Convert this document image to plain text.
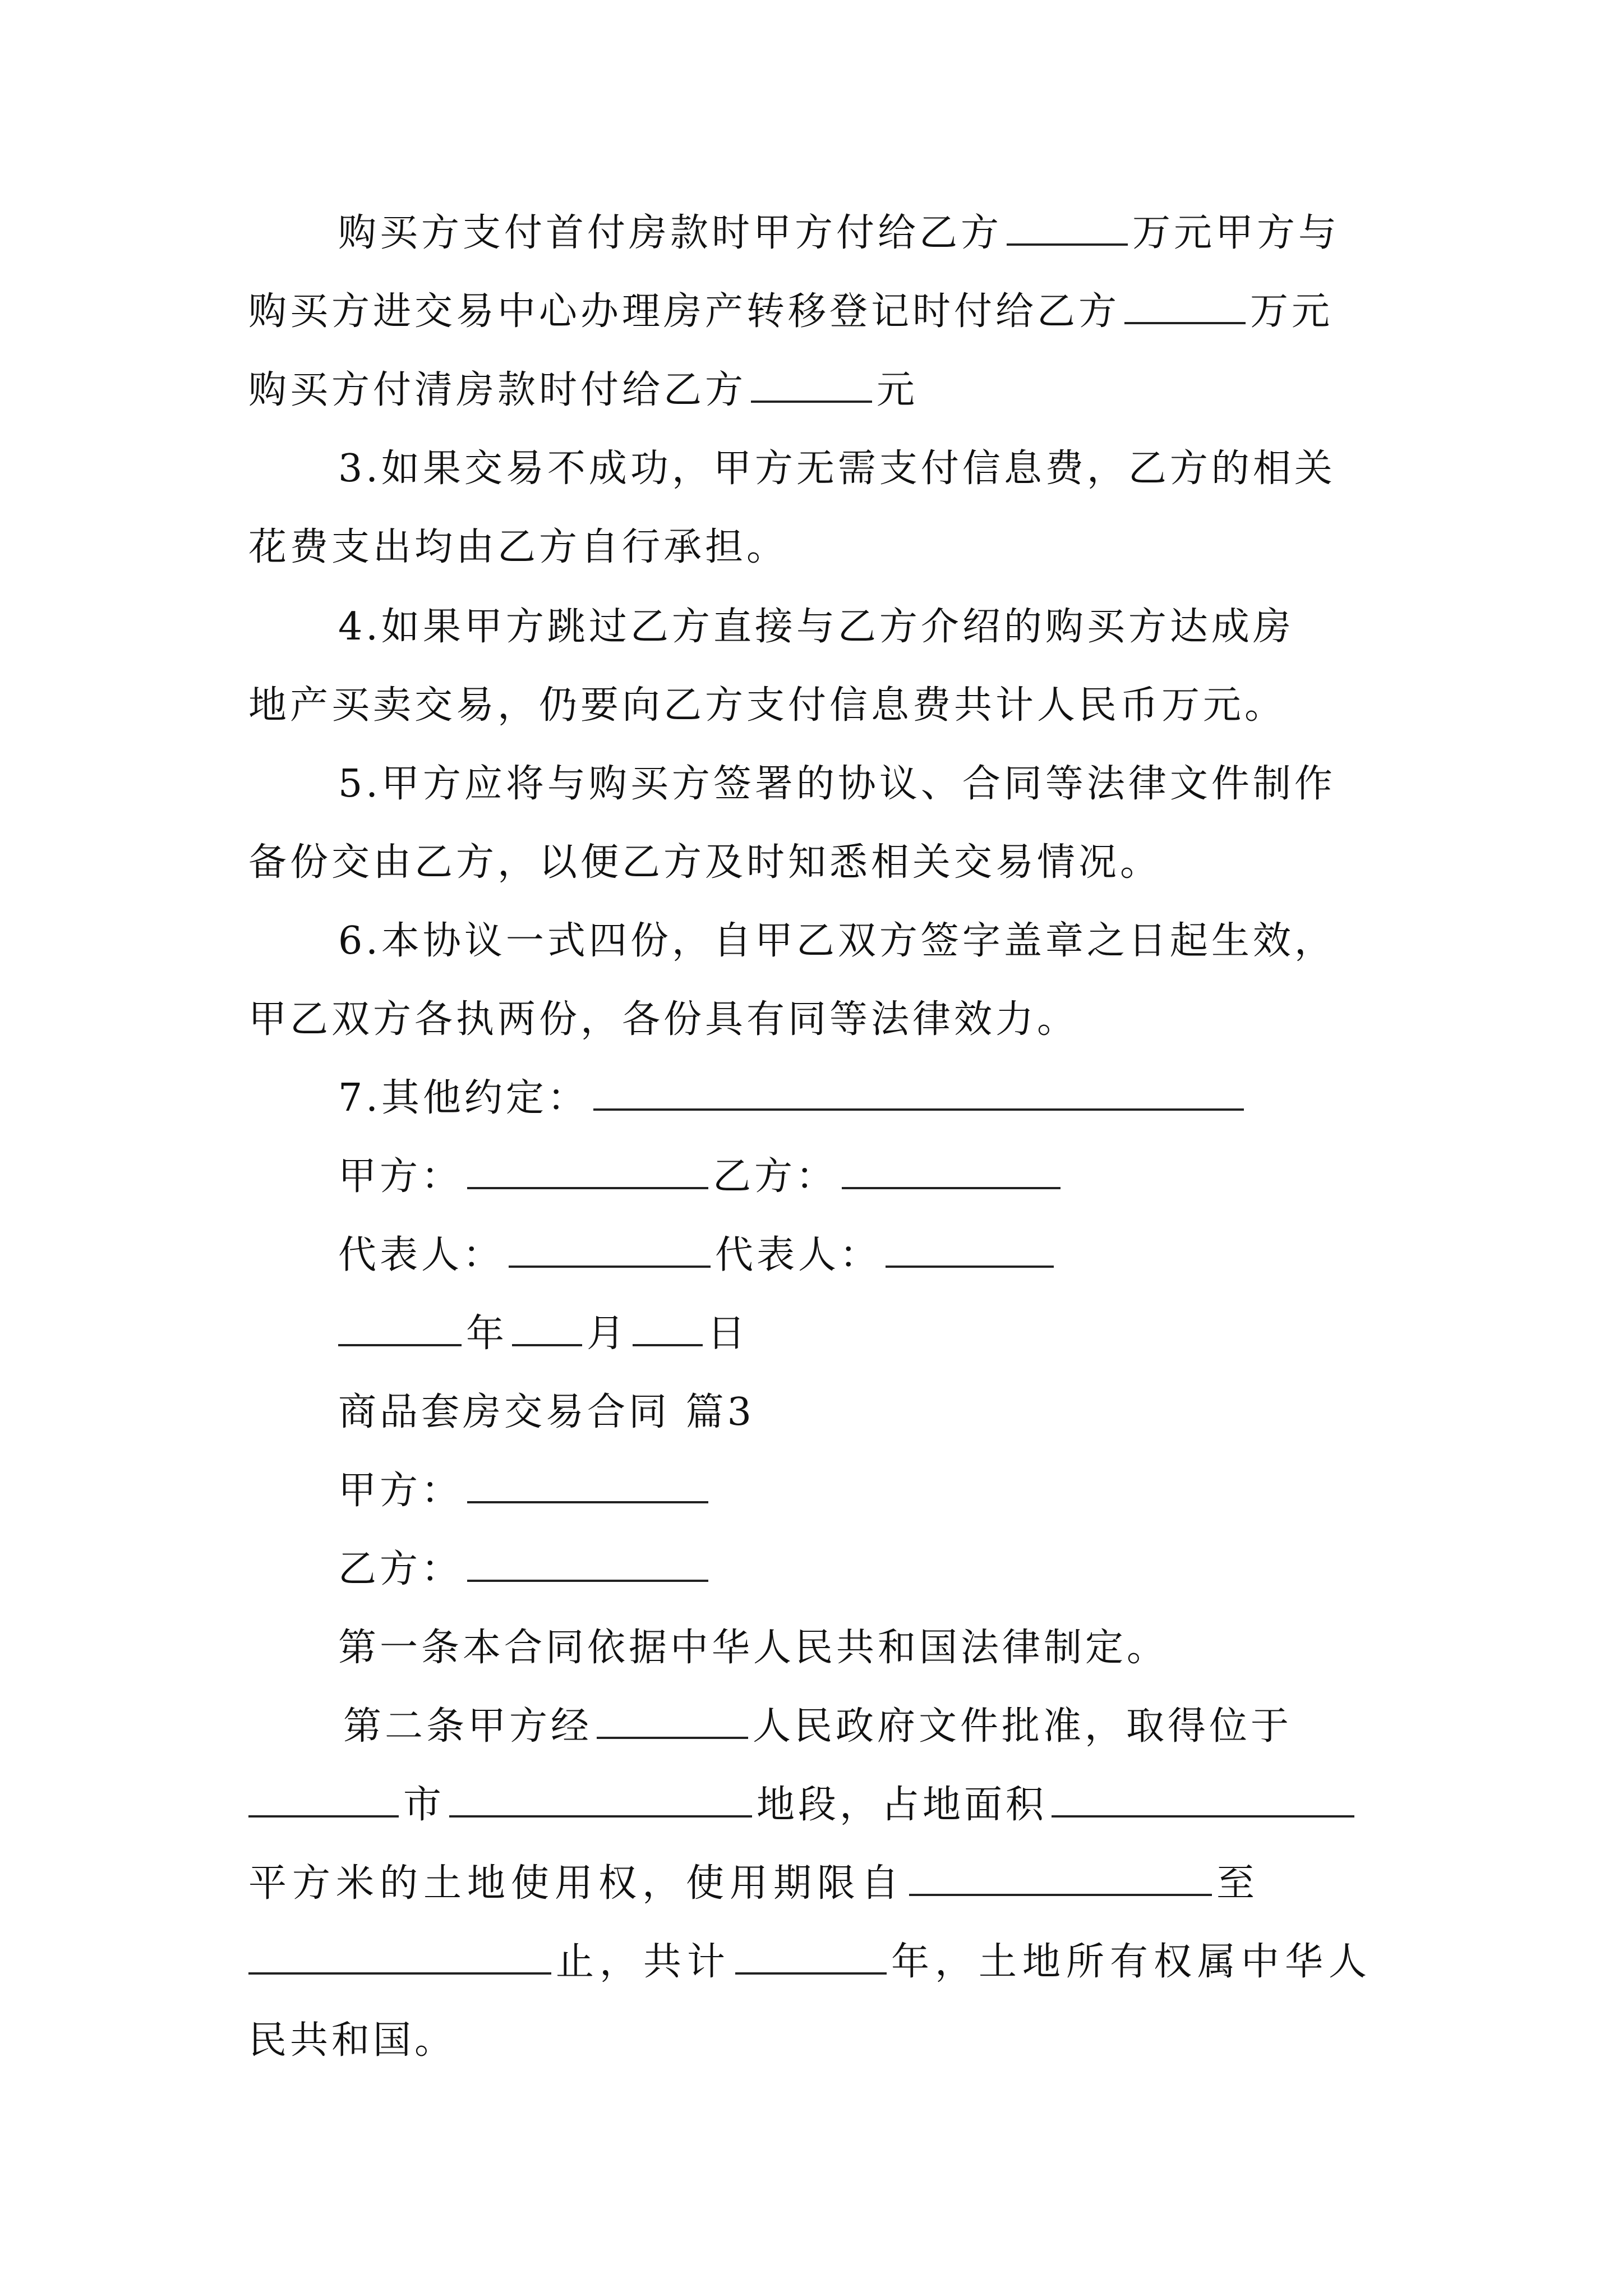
购买方支付首付房款时甲方付给乙方	万元甲方与
购买方进交易中心办理房产转移登记时付给乙方	万元
购买方付清房款时付给乙方	元
3.如果交易不成功，甲方无需支付信息费，乙方的相关
花费支出均由乙方自行承担。
4.如果甲方跳过乙方直接与乙方介绍的购买方达成房
地产买卖交易，仍要向乙方支付信息费共计人民币万元。
5.甲方应将与购买方签署的协议、合同等法律文件制作
备份交由乙方，以便乙方及时知悉相关交易情况。
6.本协议一式四份，自甲乙双方签字盖章之日起生效，
甲乙双方各执两份，各份具有同等法律效力。
7.其他约定：
甲方：	乙方：
代表人：	代表人：
年 月 日
商品套房交易合同 篇3
甲方：
乙方：
第一条本合同依据中华人民共和国法律制定。
第二条甲方经	人民政府文件批准，取得位于
市	地段，占地面积
平方米的土地使用权，使用期限自	至
止，共计	年，土地所有权属中华人
民共和国。
